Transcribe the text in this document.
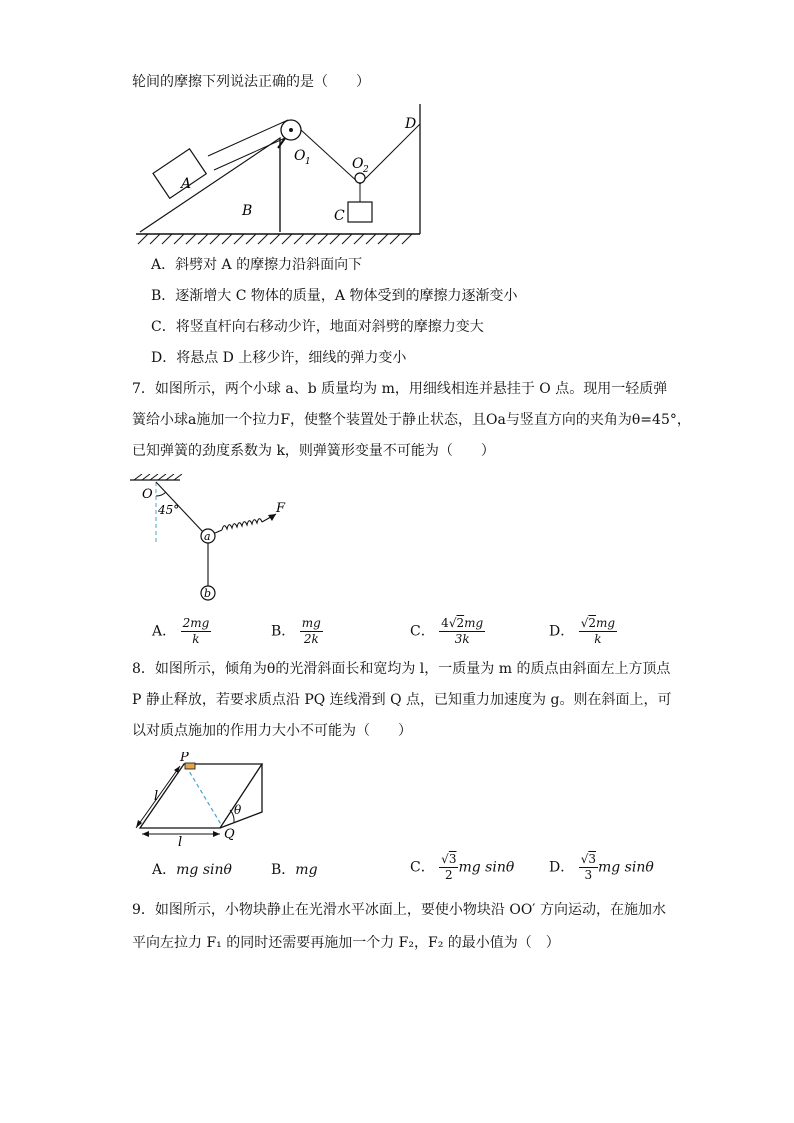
轮间的摩擦下列说法正确的是（　　）
A
B	C
D
O 1	O 2
A．斜劈对 A 的摩擦力沿斜面向下
B．逐渐增大 C 物体的质量，A 物体受到的摩擦力逐渐变小
C．将竖直杆向右移动少许，地面对斜劈的摩擦力变大
D．将悬点 D 上移少许，细线的弹力变小
7．如图所示，两个小球 a、b 质量均为 m，用细线相连并悬挂于 O 点。现用一轻质弹
簧给小球a施加一个拉力F，使整个装置处于静止状态，且Oa与竖直方向的夹角为θ=45°，
已知弹簧的劲度系数为 k，则弹簧形变量不可能为（　　）
O
45°
a
b
F
A． $\frac{2mg}{k}$	B． $\frac{mg}{2k}$	C． $\frac{4√2mg}{3k}$	D． $\frac{√2mg}{k}$
8．如图所示，倾角为θ的光滑斜面长和宽均为 l，一质量为 m 的质点由斜面左上方顶点
P 静止释放，若要求质点沿 PQ 连线滑到 Q 点，已知重力加速度为 g。则在斜面上，可
以对质点施加的作用力大小不可能为（　　）
P
Q
l
l
θ
A．mg sinθ	B．mg	C． $\frac{√3}{2}$ mg sinθ D． $\frac{√3}{3}$ mg sinθ
9．如图所示，小物块静止在光滑水平冰面上，要使小物块沿 OO′ 方向运动，在施加水
平向左拉力 F₁ 的同时还需要再施加一个力 F₂，F₂ 的最小值为（　）
